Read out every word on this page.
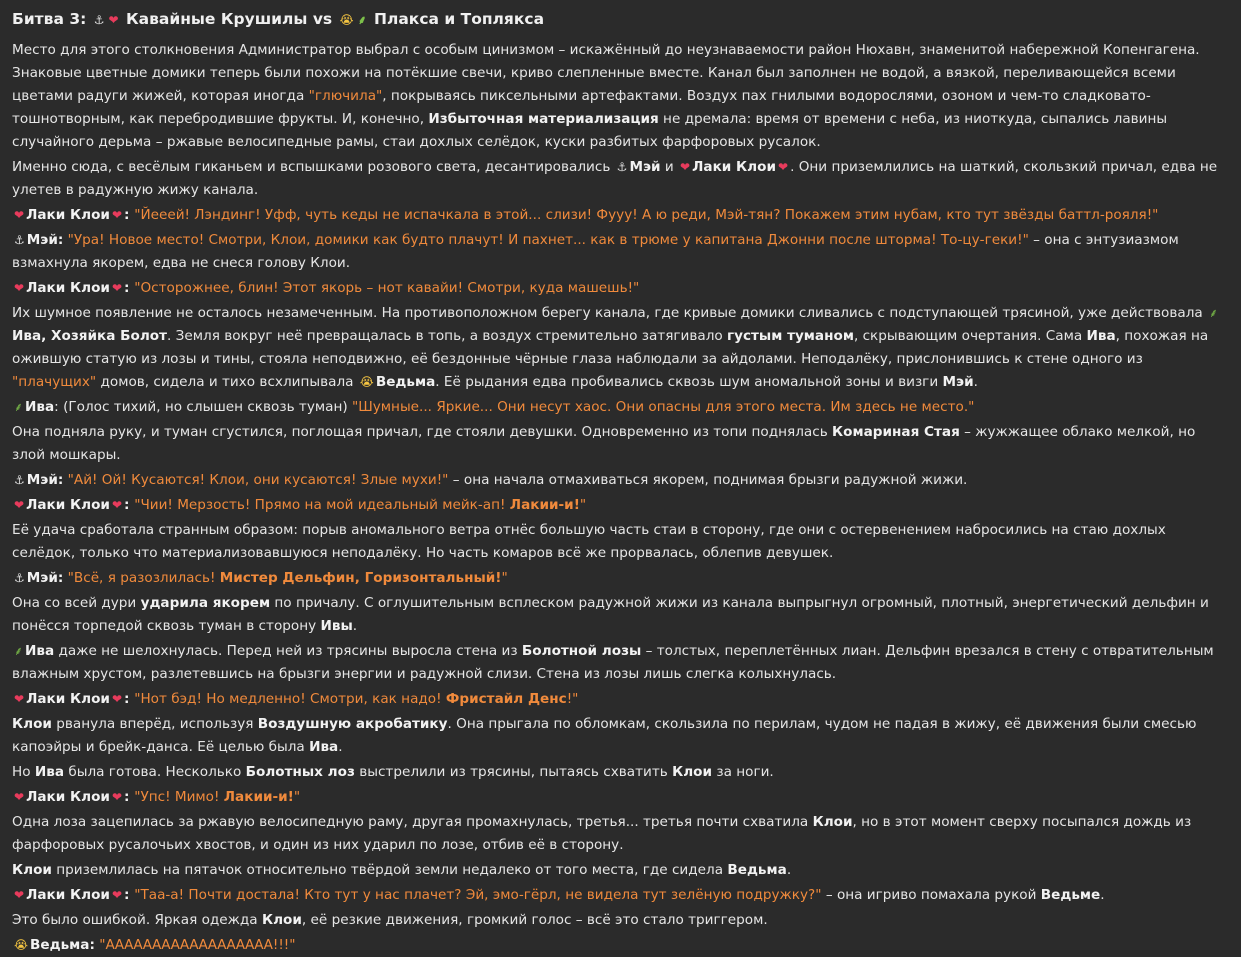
Битва 3: ⚓ ❤ Кавайные Крушилы vs 😭 ⸙ Плакса и Топлякса

Место для этого столкновения Администратор выбрал с особым цинизмом – искажённый до неузнаваемости район Нюхавн, знаменитой набережной Копенгагена. Знаковые цветные домики теперь были похожи на потёкшие свечи, криво слепленные вместе. Канал был заполнен не водой, а вязкой, переливающейся всеми цветами радуги жижей, которая иногда "глючила", покрываясь пиксельными артефактами. Воздух пах гнилыми водорослями, озоном и чем-то сладковато-тошнотворным, как перебродившие фрукты. И, конечно, Избыточная материализация не дремала: время от времени с неба, из ниоткуда, сыпались лавины случайного дерьма – ржавые велосипедные рамы, стаи дохлых селёдок, куски разбитых фарфоровых русалок.

Именно сюда, с весёлым гиканьем и вспышками розового света, десантировались ⚓ Мэй и ❤ Лаки Клои ❤ . Они приземлились на шаткий, скользкий причал, едва не улетев в радужную жижу канала.

❤ Лаки Клои ❤ : "Йееей! Лэндинг! Уфф, чуть кеды не испачкала в этой... слизи! Фууу! А ю реди, Мэй-тян? Покажем этим нубам, кто тут звёзды баттл-рояля!"

⚓ Мэй: "Ура! Новое место! Смотри, Клои, домики как будто плачут! И пахнет... как в трюме у капитана Джонни после шторма! То-цу-геки!" – она с энтузиазмом взмахнула якорем, едва не снеся голову Клои.

❤ Лаки Клои ❤ : "Осторожнее, блин! Этот якорь – нот кавайи! Смотри, куда машешь!"

Их шумное появление не осталось незамеченным. На противоположном берегу канала, где кривые домики сливались с подступающей трясиной, уже действовала ⸙Ива, Хозяйка Болот. Земля вокруг неё превращалась в топь, а воздух стремительно затягивало густым туманом, скрывающим очертания. Сама Ива, похожая на ожившую статую из лозы и тины, стояла неподвижно, её бездонные чёрные глаза наблюдали за айдолами. Неподалёку, прислонившись к стене одного из "плачущих" домов, сидела и тихо всхлипывала 😭 Ведьма. Её рыдания едва пробивались сквозь шум аномальной зоны и визги Мэй.

⸙ Ива: (Голос тихий, но слышен сквозь туман) "Шумные... Яркие... Они несут хаос. Они опасны для этого места. Им здесь не место."

Она подняла руку, и туман сгустился, поглощая причал, где стояли девушки. Одновременно из топи поднялась Комариная Стая – жужжащее облако мелкой, но злой мошкары.

⚓ Мэй: "Ай! Ой! Кусаются! Клои, они кусаются! Злые мухи!" – она начала отмахиваться якорем, поднимая брызги радужной жижи.

❤ Лаки Клои ❤ : "Чии! Мерзость! Прямо на мой идеальный мейк-ап! Лакии-и!"

Её удача сработала странным образом: порыв аномального ветра отнёс большую часть стаи в сторону, где они с остервенением набросились на стаю дохлых селёдок, только что материализовавшуюся неподалёку. Но часть комаров всё же прорвалась, облепив девушек.

⚓ Мэй: "Всё, я разозлилась! Мистер Дельфин, Горизонтальный!"

Она со всей дури ударила якорем по причалу. С оглушительным всплеском радужной жижи из канала выпрыгнул огромный, плотный, энергетический дельфин и понёсся торпедой сквозь туман в сторону Ивы.

⸙ Ива даже не шелохнулась. Перед ней из трясины выросла стена из Болотной лозы – толстых, переплетённых лиан. Дельфин врезался в стену с отвратительным влажным хрустом, разлетевшись на брызги энергии и радужной слизи. Стена из лозы лишь слегка колыхнулась.

❤ Лаки Клои ❤ : "Нот бэд! Но медленно! Смотри, как надо! Фристайл Денс!"

Клои рванула вперёд, используя Воздушную акробатику. Она прыгала по обломкам, скользила по перилам, чудом не падая в жижу, её движения были смесью капоэйры и брейк-данса. Её целью была Ива.

Но Ива была готова. Несколько Болотных лоз выстрелили из трясины, пытаясь схватить Клои за ноги.

❤ Лаки Клои ❤ : "Упс! Мимо! Лакии-и!"

Одна лоза зацепилась за ржавую велосипедную раму, другая промахнулась, третья... третья почти схватила Клои, но в этот момент сверху посыпался дождь из фарфоровых русалочьих хвостов, и один из них ударил по лозе, отбив её в сторону.

Клои приземлилась на пятачок относительно твёрдой земли недалеко от того места, где сидела Ведьма.

❤ Лаки Клои ❤ : "Таа-а! Почти достала! Кто тут у нас плачет? Эй, эмо-гёрл, не видела тут зелёную подружку?" – она игриво помахала рукой Ведьме.

Это было ошибкой. Яркая одежда Клои, её резкие движения, громкий голос – всё это стало триггером.

😭 Ведьма: "АААААААААААААААААА!!!"
